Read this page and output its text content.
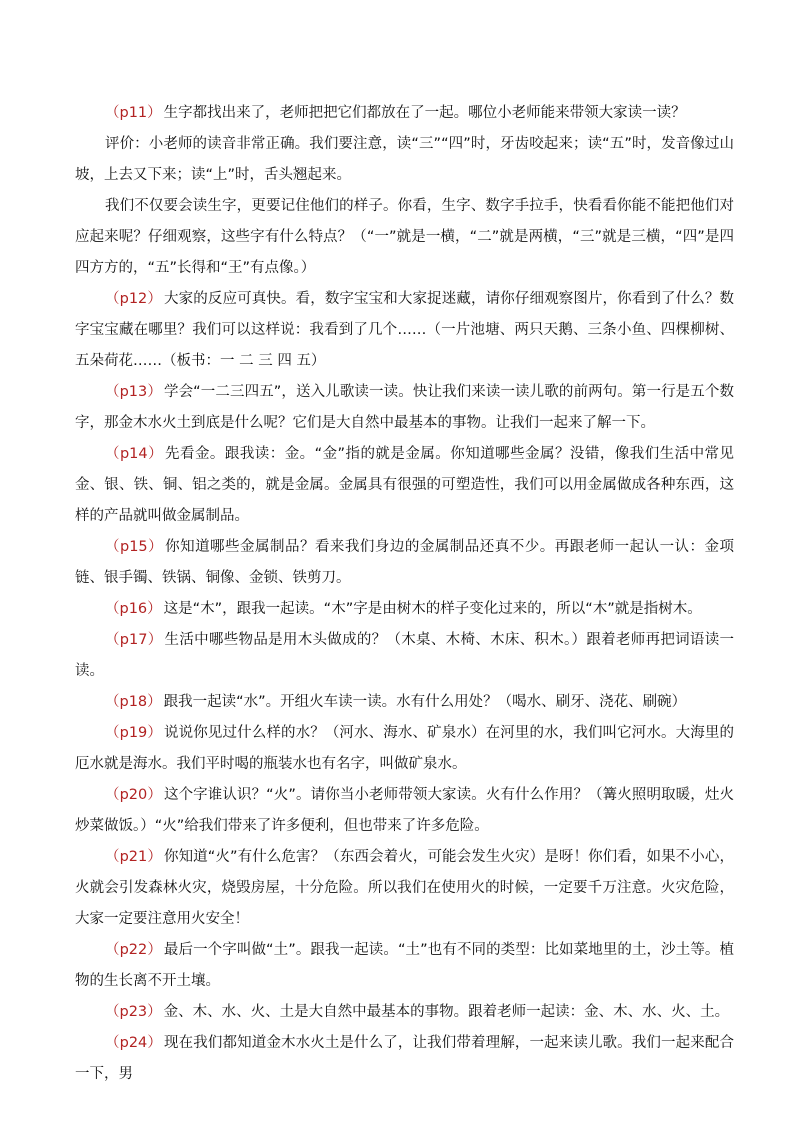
（p11） 生字都找出来了，老师把把它们都放在了一起。哪位小老师能来带领大家读一读？

评价：小老师的读音非常正确。我们要注意，读“三”“四”时，牙齿咬起来；读“五”时，发音像过山坡，上去又下来；读“上”时，舌头翘起来。

我们不仅要会读生字，更要记住他们的样子。你看，生字、数字手拉手，快看看你能不能把他们对应起来呢？仔细观察，这些字有什么特点？（“一”就是一横，“二”就是两横，“三”就是三横，“四”是四四方方的，“五”长得和“王”有点像。）

（p12） 大家的反应可真快。看，数字宝宝和大家捉迷藏，请你仔细观察图片，你看到了什么？数字宝宝藏在哪里？我们可以这样说：我看到了几个……（一片池塘、两只天鹅、三条小鱼、四棵柳树、五朵荷花……（板书：一 二 三 四 五）

（p13） 学会“一二三四五”，送入儿歌读一读。快让我们来读一读儿歌的前两句。第一行是五个数字，那金木水火土到底是什么呢？它们是大自然中最基本的事物。让我们一起来了解一下。

（p14） 先看金。跟我读：金。“金”指的就是金属。你知道哪些金属？没错，像我们生活中常见金、银、铁、铜、铝之类的，就是金属。金属具有很强的可塑造性，我们可以用金属做成各种东西，这样的产品就叫做金属制品。

（p15） 你知道哪些金属制品？看来我们身边的金属制品还真不少。再跟老师一起认一认：金项链、银手镯、铁锅、铜像、金锁、铁剪刀。

（p16） 这是“木”，跟我一起读。“木”字是由树木的样子变化过来的，所以“木”就是指树木。

（p17） 生活中哪些物品是用木头做成的？（木桌、木椅、木床、积木。）跟着老师再把词语读一读。

（p18） 跟我一起读“水”。开组火车读一读。水有什么用处？（喝水、刷牙、浇花、刷碗）

（p19） 说说你见过什么样的水？（河水、海水、矿泉水）在河里的水，我们叫它河水。大海里的厄水就是海水。我们平时喝的瓶装水也有名字，叫做矿泉水。

（p20） 这个字谁认识？“火”。请你当小老师带领大家读。火有什么作用？（篝火照明取暖，灶火炒菜做饭。）“火”给我们带来了许多便利，但也带来了许多危险。

（p21） 你知道“火”有什么危害？（东西会着火，可能会发生火灾）是呀！你们看，如果不小心，火就会引发森林火灾，烧毁房屋，十分危险。所以我们在使用火的时候，一定要千万注意。火灾危险，大家一定要注意用火安全！

（p22） 最后一个字叫做“土”。跟我一起读。“土”也有不同的类型：比如菜地里的土，沙土等。植物的生长离不开土壤。

（p23） 金、木、水、火、土是大自然中最基本的事物。跟着老师一起读：金、木、水、火、土。

（p24） 现在我们都知道金木水火土是什么了，让我们带着理解，一起来读儿歌。我们一起来配合一下，男
